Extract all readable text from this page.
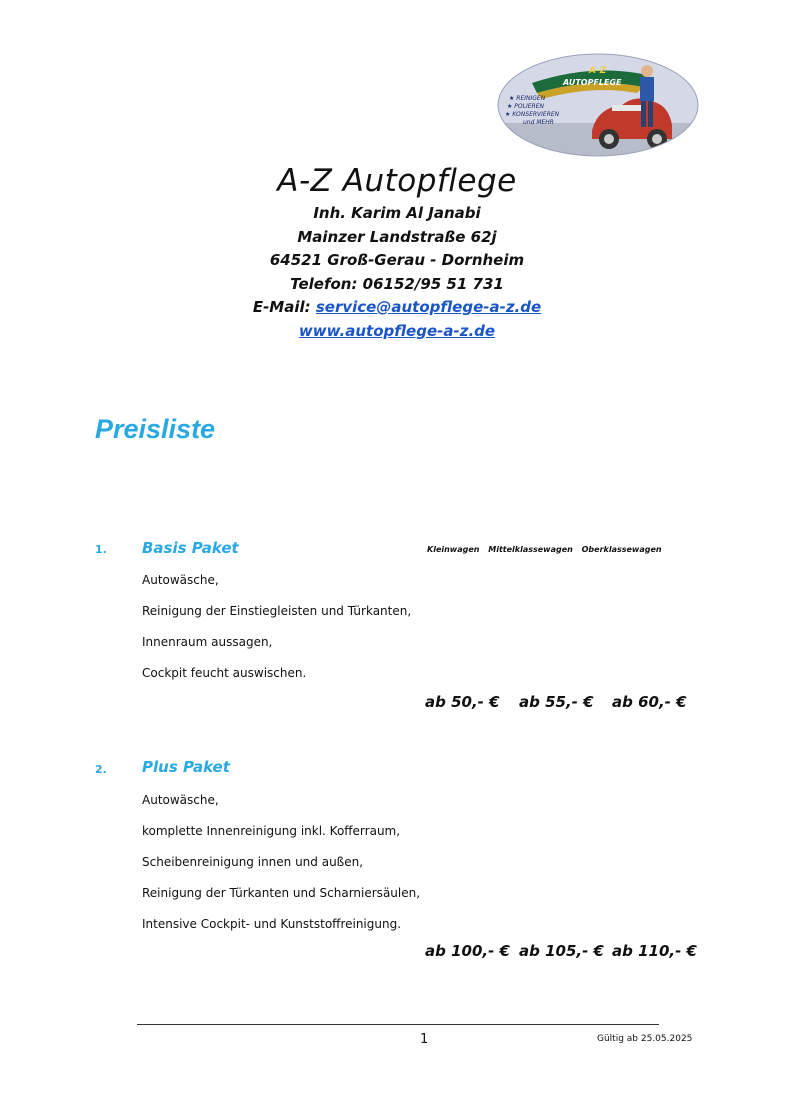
A-Z
AUTOPFLEGE
★ REINIGEN
★ POLIEREN
★ KONSERVIEREN
und MEHR

A-Z Autopflege

Inh. Karim Al Janabi

Mainzer Landstraße 62j

64521 Groß-Gerau - Dornheim

Telefon: 06152/95 51 731

E-Mail: service@autopflege-a-z.de

www.autopflege-a-z.de

Preisliste
Kleinwagen Mittelklassewagen Oberklassewagen
1. Basis Paket
Autowäsche,
Reinigung der Einstiegleisten und Türkanten,
Innenraum aussagen,
Cockpit feucht auswischen.
ab 50,- € ab 55,- € ab 60,- €
2. Plus Paket
Autowäsche,
komplette Innenreinigung inkl. Kofferraum,
Scheibenreinigung innen und außen,
Reinigung der Türkanten und Scharniersäulen,
Intensive Cockpit- und Kunststoffreinigung.
ab 100,- € ab 105,- € ab 110,- €
1	Gültig ab 25.05.2025
